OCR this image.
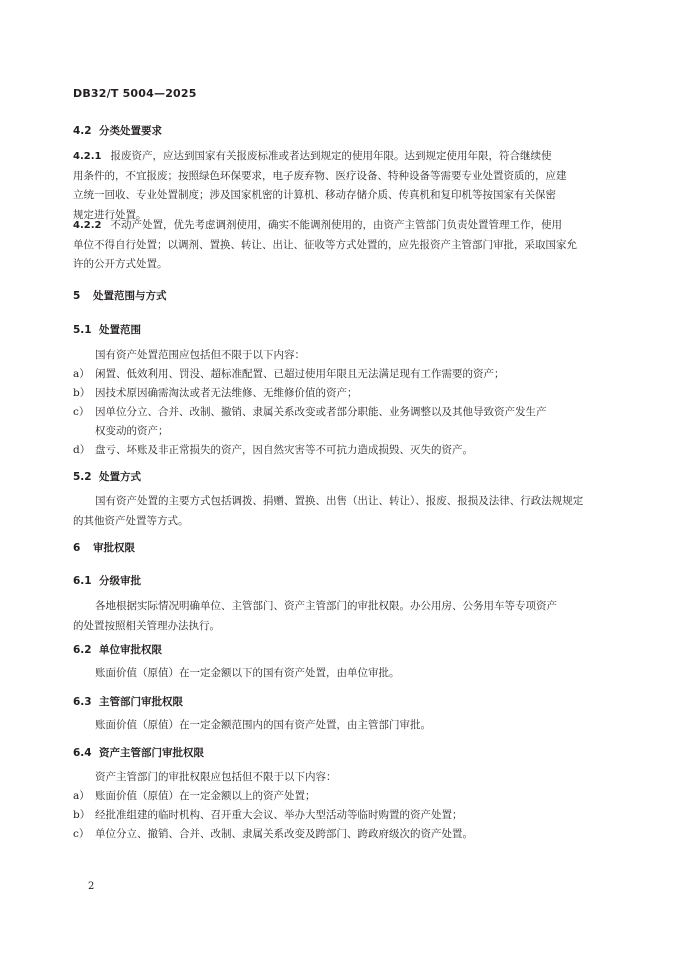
DB32/T 5004—2025
4.2 分类处置要求
4.2.1 报废资产，应达到国家有关报废标准或者达到规定的使用年限。达到规定使用年限，符合继续使
用条件的，不宜报废；按照绿色环保要求，电子废弃物、医疗设备、特种设备等需要专业处置资质的，应建
立统一回收、专业处置制度；涉及国家机密的计算机、移动存储介质、传真机和复印机等按国家有关保密
规定进行处置。
4.2.2 不动产处置，优先考虑调剂使用，确实不能调剂使用的，由资产主管部门负责处置管理工作，使用
单位不得自行处置；以调剂、置换、转让、出让、征收等方式处置的，应先报资产主管部门审批，采取国家允
许的公开方式处置。
5 处置范围与方式
5.1 处置范围
国有资产处置范围应包括但不限于以下内容：
a） 闲置、低效利用、罚没、超标准配置、已超过使用年限且无法满足现有工作需要的资产；
b） 因技术原因确需淘汰或者无法维修、无维修价值的资产；
c） 因单位分立、合并、改制、撤销、隶属关系改变或者部分职能、业务调整以及其他导致资产发生产
权变动的资产；
d） 盘亏、坏账及非正常损失的资产，因自然灾害等不可抗力造成损毁、灭失的资产。
5.2 处置方式
国有资产处置的主要方式包括调拨、捐赠、置换、出售（出让、转让）、报废、报损及法律、行政法规规定
的其他资产处置等方式。
6 审批权限
6.1 分级审批
各地根据实际情况明确单位、主管部门、资产主管部门的审批权限。办公用房、公务用车等专项资产
的处置按照相关管理办法执行。
6.2 单位审批权限
账面价值（原值）在一定金额以下的国有资产处置，由单位审批。
6.3 主管部门审批权限
账面价值（原值）在一定金额范围内的国有资产处置，由主管部门审批。
6.4 资产主管部门审批权限
资产主管部门的审批权限应包括但不限于以下内容：
a） 账面价值（原值）在一定金额以上的资产处置；
b） 经批准组建的临时机构、召开重大会议、举办大型活动等临时购置的资产处置；
c） 单位分立、撤销、合并、改制、隶属关系改变及跨部门、跨政府级次的资产处置。
2
